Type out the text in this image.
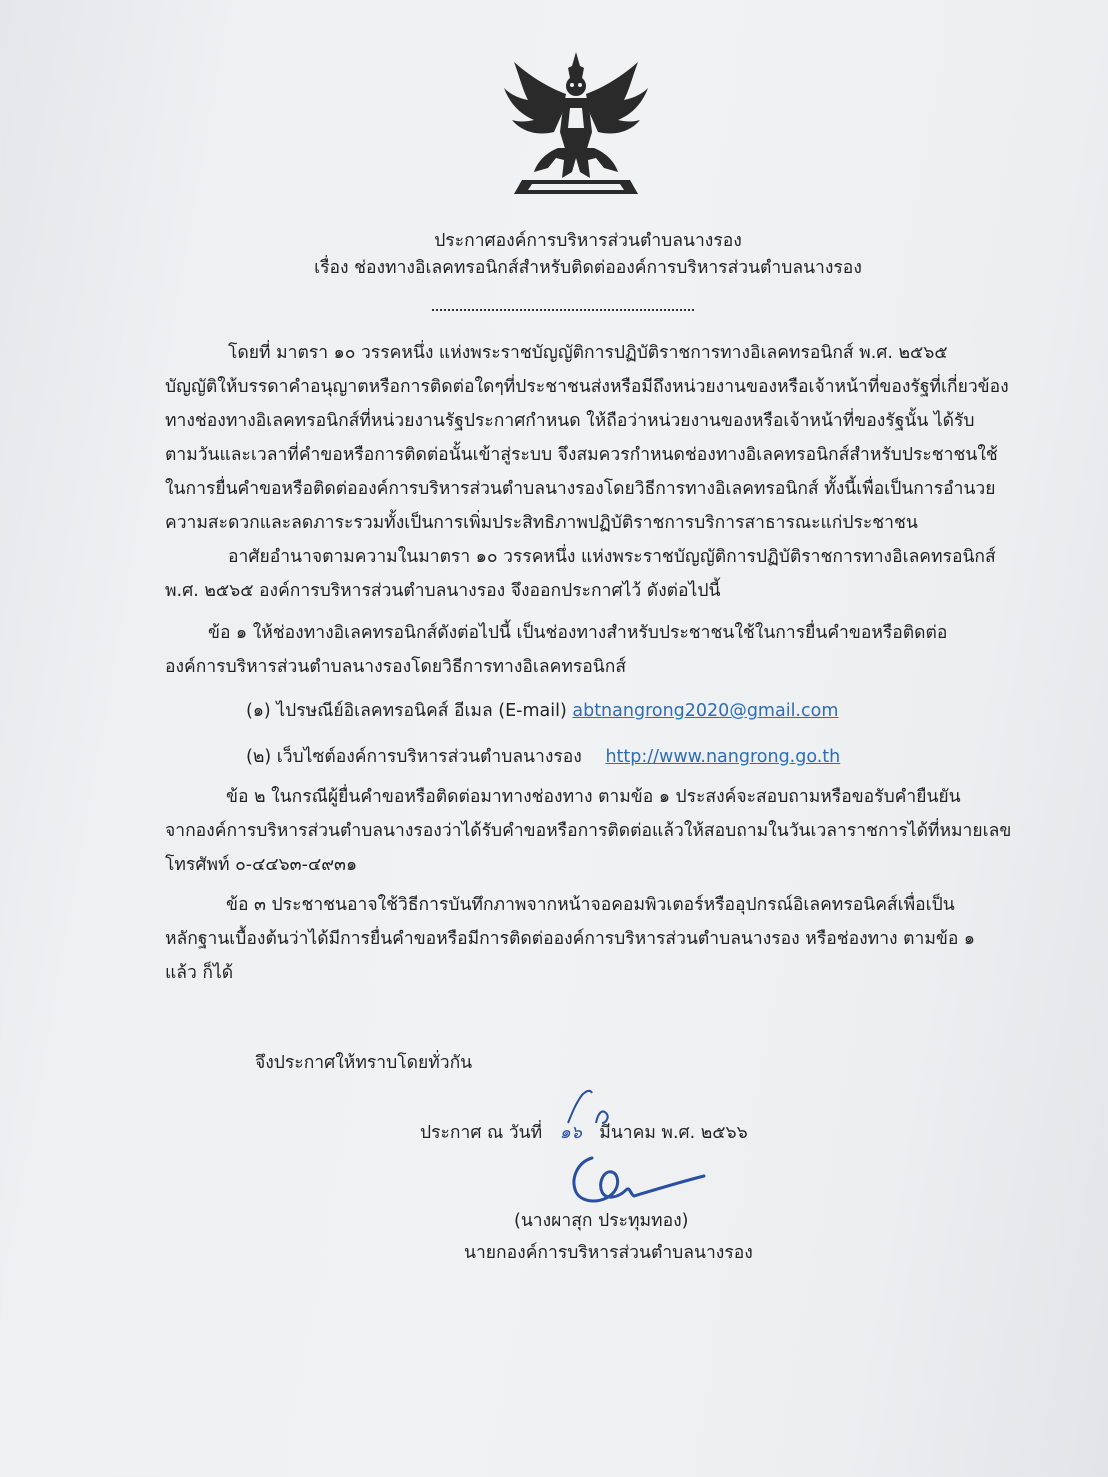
ประกาศองค์การบริหารส่วนตำบลนางรอง
เรื่อง ช่องทางอิเลคทรอนิกส์สำหรับติดต่อองค์การบริหารส่วนตำบลนางรอง
โดยที่ มาตรา ๑๐ วรรคหนึ่ง แห่งพระราชบัญญัติการปฏิบัติราชการทางอิเลคทรอนิกส์ พ.ศ. ๒๕๖๕
บัญญัติให้บรรดาคำอนุญาตหรือการติดต่อใดๆที่ประชาชนส่งหรือมีถึงหน่วยงานของหรือเจ้าหน้าที่ของรัฐที่เกี่ยวข้อง
ทางช่องทางอิเลคทรอนิกส์ที่หน่วยงานรัฐประกาศกำหนด ให้ถือว่าหน่วยงานของหรือเจ้าหน้าที่ของรัฐนั้น ได้รับ
ตามวันและเวลาที่คำขอหรือการติดต่อนั้นเข้าสู่ระบบ จึงสมควรกำหนดช่องทางอิเลคทรอนิกส์สำหรับประชาชนใช้
ในการยื่นคำขอหรือติดต่อองค์การบริหารส่วนตำบลนางรองโดยวิธีการทางอิเลคทรอนิกส์ ทั้งนี้เพื่อเป็นการอำนวย
ความสะดวกและลดภาระรวมทั้งเป็นการเพิ่มประสิทธิภาพปฏิบัติราชการบริการสาธารณะแก่ประชาชน
อาศัยอำนาจตามความในมาตรา ๑๐ วรรคหนึ่ง แห่งพระราชบัญญัติการปฏิบัติราชการทางอิเลคทรอนิกส์
พ.ศ. ๒๕๖๕ องค์การบริหารส่วนตำบลนางรอง จึงออกประกาศไว้ ดังต่อไปนี้
ข้อ ๑ ให้ช่องทางอิเลคทรอนิกส์ดังต่อไปนี้ เป็นช่องทางสำหรับประชาชนใช้ในการยื่นคำขอหรือติดต่อ
องค์การบริหารส่วนตำบลนางรองโดยวิธีการทางอิเลคทรอนิกส์
(๑) ไปรษณีย์อิเลคทรอนิคส์ อีเมล (E-mail) abtnangrong2020@gmail.com
(๒) เว็บไซต์องค์การบริหารส่วนตำบลนางรอง http://www.nangrong.go.th
ข้อ ๒ ในกรณีผู้ยื่นคำขอหรือติดต่อมาทางช่องทาง ตามข้อ ๑ ประสงค์จะสอบถามหรือขอรับคำยืนยัน
จากองค์การบริหารส่วนตำบลนางรองว่าได้รับคำขอหรือการติดต่อแล้วให้สอบถามในวันเวลาราชการได้ที่หมายเลข
โทรศัพท์ ๐-๔๔๖๓-๔๙๓๑
ข้อ ๓ ประชาชนอาจใช้วิธีการบันทึกภาพจากหน้าจอคอมพิวเตอร์หรืออุปกรณ์อิเลคทรอนิคส์เพื่อเป็น
หลักฐานเบื้องต้นว่าได้มีการยื่นคำขอหรือมีการติดต่อองค์การบริหารส่วนตำบลนางรอง หรือช่องทาง ตามข้อ ๑
แล้ว ก็ได้
จึงประกาศให้ทราบโดยทั่วกัน
ประกาศ ณ วันที่ ๑๖ มีนาคม พ.ศ. ๒๕๖๖
(นางผาสุก ประทุมทอง)
นายกองค์การบริหารส่วนตำบลนางรอง
